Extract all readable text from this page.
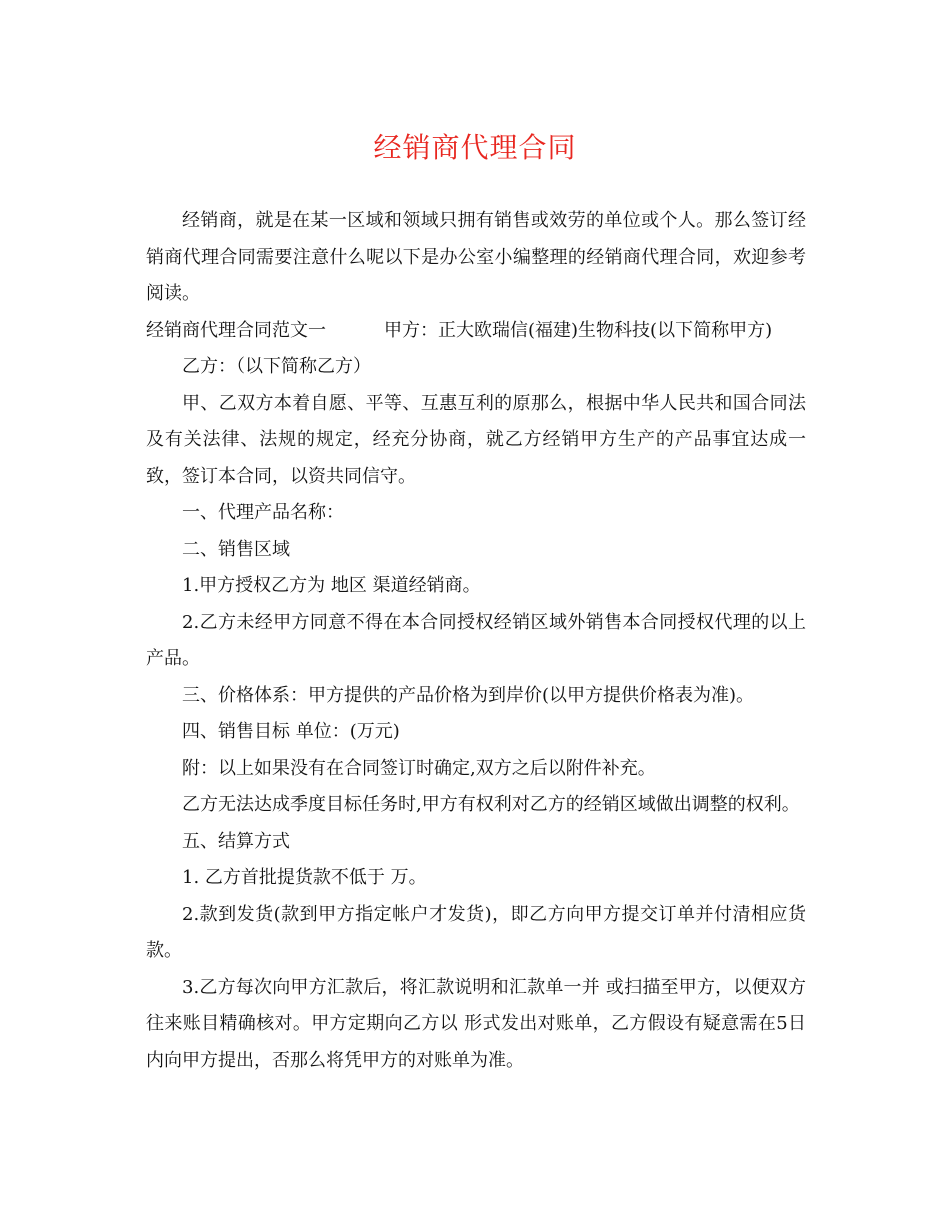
经销商代理合同

经销商，就是在某一区域和领域只拥有销售或效劳的单位或个人。那么签订经销商代理合同需要注意什么呢以下是办公室小编整理的经销商代理合同，欢迎参考阅读。

经销商代理合同范文一	甲方：正大欧瑞信(福建)生物科技(以下简称甲方)

乙方：（以下简称乙方）

甲、乙双方本着自愿、平等、互惠互利的原那么，根据中华人民共和国合同法及有关法律、法规的规定，经充分协商，就乙方经销甲方生产的产品事宜达成一致，签订本合同，以资共同信守。

一、代理产品名称：

二、销售区域

1.甲方授权乙方为 地区 渠道经销商。

2.乙方未经甲方同意不得在本合同授权经销区域外销售本合同授权代理的以上产品。

三、价格体系：甲方提供的产品价格为到岸价(以甲方提供价格表为准)。

四、销售目标 单位：(万元)

附：以上如果没有在合同签订时确定,双方之后以附件补充。

乙方无法达成季度目标任务时,甲方有权利对乙方的经销区域做出调整的权利。

五、结算方式

1. 乙方首批提货款不低于 万。

2.款到发货(款到甲方指定帐户才发货)，即乙方向甲方提交订单并付清相应货款。

3.乙方每次向甲方汇款后，将汇款说明和汇款单一并 或扫描至甲方，以便双方往来账目精确核对。甲方定期向乙方以 形式发出对账单，乙方假设有疑意需在5日内向甲方提出，否那么将凭甲方的对账单为准。
